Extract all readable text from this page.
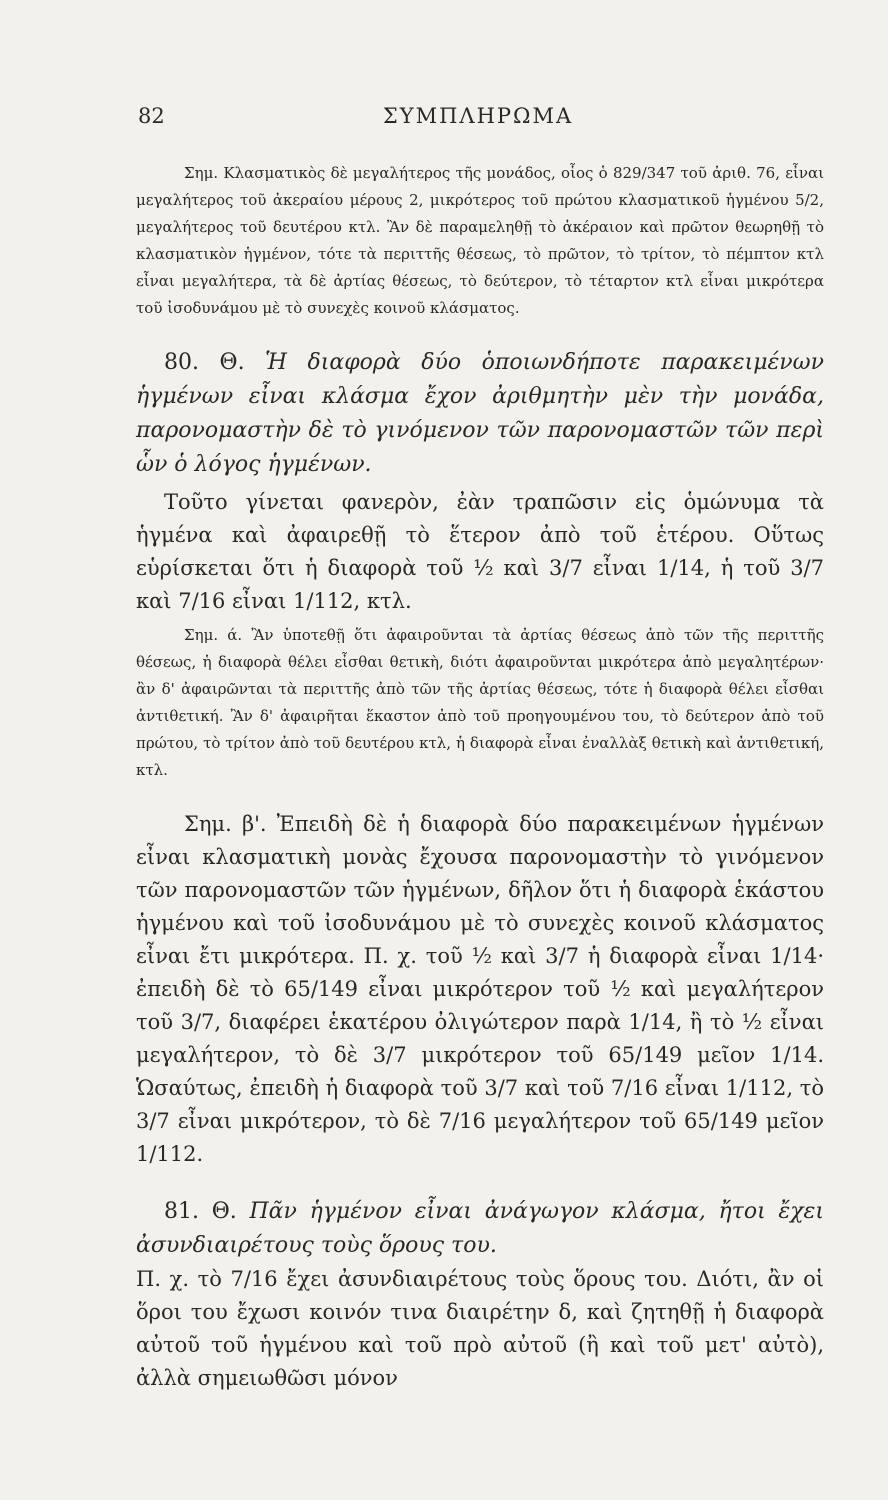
82	ΣΥΜΠΛΗΡΩΜΑ

Σημ. Κλασματικὸς δὲ μεγαλήτερος τῆς μονάδος, οἷος ὁ 829/347 τοῦ ἀριθ. 76, εἶναι μεγαλήτερος τοῦ ἀκεραίου μέρους 2, μικρότερος τοῦ πρώτου κλασματικοῦ ἡγμένου 5/2, μεγαλήτερος τοῦ δευτέρου κτλ. Ἂν δὲ παραμεληθῇ τὸ ἀκέραιον καὶ πρῶτον θεωρηθῇ τὸ κλασματικὸν ἡγμένον, τότε τὰ περιττῆς θέσεως, τὸ πρῶτον, τὸ τρίτον, τὸ πέμπτον κτλ εἶναι μεγαλήτερα, τὰ δὲ ἀρτίας θέσεως, τὸ δεύτερον, τὸ τέταρτον κτλ εἶναι μικρότερα τοῦ ἰσοδυνάμου μὲ τὸ συνεχὲς κοινοῦ κλάσματος.

80. Θ. Ἡ διαφορὰ δύο ὁποιωνδήποτε παρακειμένων ἡγμένων εἶναι κλάσμα ἔχον ἀριθμητὴν μὲν τὴν μονάδα, παρονομαστὴν δὲ τὸ γινόμενον τῶν παρονομαστῶν τῶν περὶ ὧν ὁ λόγος ἡγμένων.

Τοῦτο γίνεται φανερὸν, ἐὰν τραπῶσιν εἰς ὁμώνυμα τὰ ἡγμένα καὶ ἀφαιρεθῇ τὸ ἕτερον ἀπὸ τοῦ ἑτέρου. Οὕτως εὑρίσκεται ὅτι ἡ διαφορὰ τοῦ ½ καὶ 3/7 εἶναι 1/14, ἡ τοῦ 3/7 καὶ 7/16 εἶναι 1/112, κτλ.

Σημ. ά. Ἂν ὑποτεθῇ ὅτι ἀφαιροῦνται τὰ ἀρτίας θέσεως ἀπὸ τῶν τῆς περιττῆς θέσεως, ἡ διαφορὰ θέλει εἶσθαι θετικὴ, διότι ἀφαιροῦνται μικρότερα ἀπὸ μεγαλητέρων· ἂν δ' ἀφαιρῶνται τὰ περιττῆς ἀπὸ τῶν τῆς ἀρτίας θέσεως, τότε ἡ διαφορὰ θέλει εἶσθαι ἀντιθετική. Ἂν δ' ἀφαιρῆται ἕκαστον ἀπὸ τοῦ προηγουμένου του, τὸ δεύτερον ἀπὸ τοῦ πρώτου, τὸ τρίτον ἀπὸ τοῦ δευτέρου κτλ, ἡ διαφορὰ εἶναι ἐναλλὰξ θετικὴ καὶ ἀντιθετική, κτλ.

Σημ. β'. Ἐπειδὴ δὲ ἡ διαφορὰ δύο παρακειμένων ἡγμένων εἶναι κλασματικὴ μονὰς ἔχουσα παρονομαστὴν τὸ γινόμενον τῶν παρονομαστῶν τῶν ἡγμένων, δῆλον ὅτι ἡ διαφορὰ ἑκάστου ἡγμένου καὶ τοῦ ἰσοδυνάμου μὲ τὸ συνεχὲς κοινοῦ κλάσματος εἶναι ἔτι μικρότερα. Π. χ. τοῦ ½ καὶ 3/7 ἡ διαφορὰ εἶναι 1/14· ἐπειδὴ δὲ τὸ 65/149 εἶναι μικρότερον τοῦ ½ καὶ μεγαλήτερον τοῦ 3/7, διαφέρει ἑκατέρου ὀλιγώτερον παρὰ 1/14, ἢ τὸ ½ εἶναι μεγαλήτερον, τὸ δὲ 3/7 μικρότερον τοῦ 65/149 μεῖον 1/14. Ὡσαύτως, ἐπειδὴ ἡ διαφορὰ τοῦ 3/7 καὶ τοῦ 7/16 εἶναι 1/112, τὸ 3/7 εἶναι μικρότερον, τὸ δὲ 7/16 μεγαλήτερον τοῦ 65/149 μεῖον 1/112.

81. Θ. Πᾶν ἡγμένον εἶναι ἀνάγωγον κλάσμα, ἤτοι ἔχει ἀσυνδιαιρέτους τοὺς ὅρους του.

Π. χ. τὸ 7/16 ἔχει ἀσυνδιαιρέτους τοὺς ὅρους του. Διότι, ἂν οἱ ὅροι του ἔχωσι κοινόν τινα διαιρέτην δ, καὶ ζητηθῇ ἡ διαφορὰ αὐτοῦ τοῦ ἡγμένου καὶ τοῦ πρὸ αὐτοῦ (ἢ καὶ τοῦ μετ' αὐτὸ), ἀλλὰ σημειωθῶσι μόνον
